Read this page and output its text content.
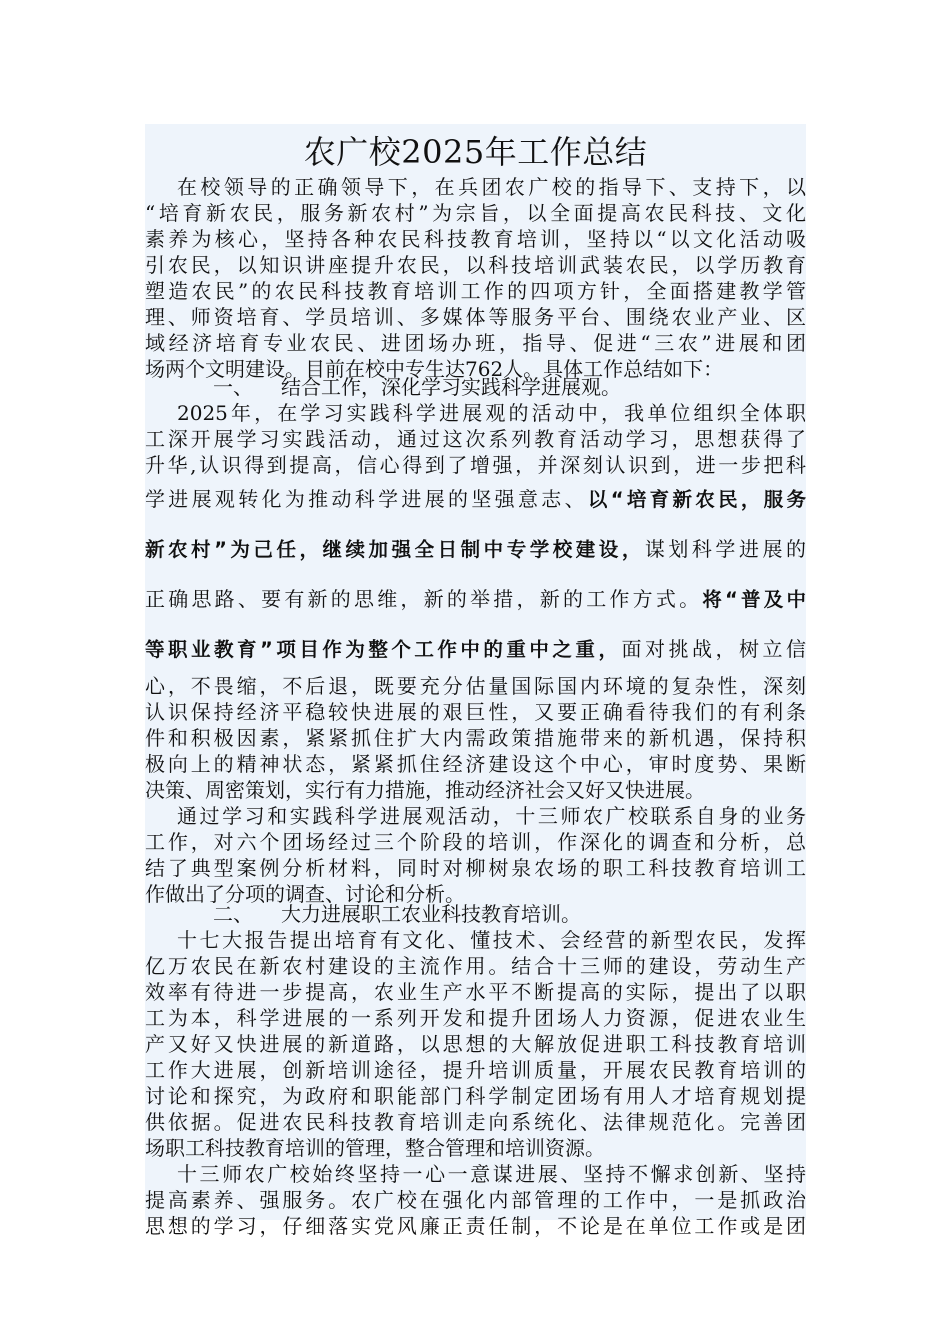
农广校2025年工作总结
在校领导的正确领导下，在兵团农广校的指导下、支持下，以
“培育新农民，服务新农村”为宗旨，以全面提高农民科技、文化
素养为核心，坚持各种农民科技教育培训，坚持以“以文化活动吸
引农民，以知识讲座提升农民，以科技培训武装农民，以学历教育
塑造农民”的农民科技教育培训工作的四项方针，全面搭建教学管
理、师资培育、学员培训、多媒体等服务平台、围绕农业产业、区
域经济培育专业农民、进团场办班，指导、促进“三农”进展和团
场两个文明建设。目前在校中专生达762人。具体工作总结如下：
一、 结合工作，深化学习实践科学进展观。
2025年，在学习实践科学进展观的活动中，我单位组织全体职
工深开展学习实践活动，通过这次系列教育活动学习，思想获得了
升华,认识得到提高，信心得到了增强，并深刻认识到，进一步把科
学进展观转化为推动科学进展的坚强意志、以“培育新农民，服务
新农村”为己任，继续加强全日制中专学校建设，谋划科学进展的
正确思路、要有新的思维，新的举措，新的工作方式。将“普及中
等职业教育”项目作为整个工作中的重中之重，面对挑战，树立信
心，不畏缩，不后退，既要充分估量国际国内环境的复杂性，深刻
认识保持经济平稳较快进展的艰巨性，又要正确看待我们的有利条
件和积极因素，紧紧抓住扩大内需政策措施带来的新机遇，保持积
极向上的精神状态，紧紧抓住经济建设这个中心，审时度势、果断
决策、周密策划，实行有力措施，推动经济社会又好又快进展。
通过学习和实践科学进展观活动，十三师农广校联系自身的业务
工作，对六个团场经过三个阶段的培训，作深化的调查和分析，总
结了典型案例分析材料，同时对柳树泉农场的职工科技教育培训工
作做出了分项的调查、讨论和分析。
二、 大力进展职工农业科技教育培训。
十七大报告提出培育有文化、懂技术、会经营的新型农民，发挥
亿万农民在新农村建设的主流作用。结合十三师的建设，劳动生产
效率有待进一步提高，农业生产水平不断提高的实际，提出了以职
工为本，科学进展的一系列开发和提升团场人力资源，促进农业生
产又好又快进展的新道路，以思想的大解放促进职工科技教育培训
工作大进展，创新培训途径，提升培训质量，开展农民教育培训的
讨论和探究，为政府和职能部门科学制定团场有用人才培育规划提
供依据。促进农民科技教育培训走向系统化、法律规范化。完善团
场职工科技教育培训的管理，整合管理和培训资源。
十三师农广校始终坚持一心一意谋进展、坚持不懈求创新、坚持
提高素养、强服务。农广校在强化内部管理的工作中，一是抓政治
思想的学习，仔细落实党风廉正责任制，不论是在单位工作或是团
